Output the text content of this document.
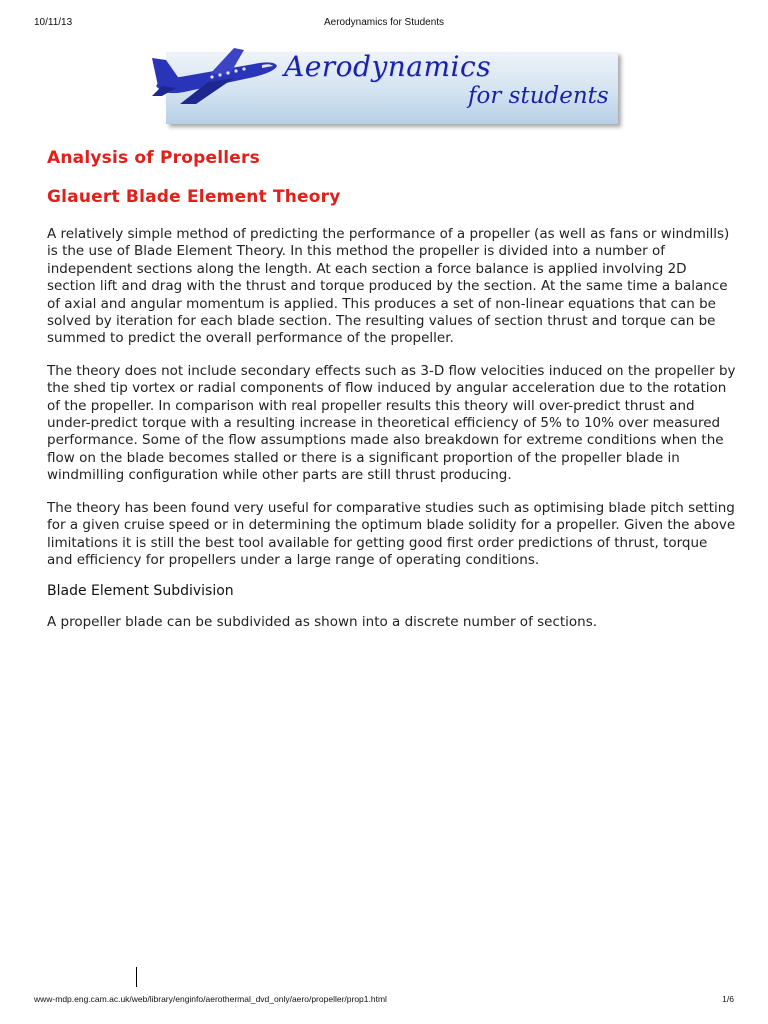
10/11/13	Aerodynamics for Students
Aerodynamics
for students
Analysis of Propellers
Glauert Blade Element Theory

A relatively simple method of predicting the performance of a propeller (as well as fans or windmills) is the use of Blade Element Theory. In this method the propeller is divided into a number of independent sections along the length. At each section a force balance is applied involving 2D section lift and drag with the thrust and torque produced by the section. At the same time a balance of axial and angular momentum is applied. This produces a set of non-linear equations that can be solved by iteration for each blade section. The resulting values of section thrust and torque can be summed to predict the overall performance of the propeller.

The theory does not include secondary effects such as 3-D flow velocities induced on the propeller by the shed tip vortex or radial components of flow induced by angular acceleration due to the rotation of the propeller. In comparison with real propeller results this theory will over-predict thrust and under-predict torque with a resulting increase in theoretical efficiency of 5% to 10% over measured performance. Some of the flow assumptions made also breakdown for extreme conditions when the flow on the blade becomes stalled or there is a significant proportion of the propeller blade in windmilling configuration while other parts are still thrust producing.

The theory has been found very useful for comparative studies such as optimising blade pitch setting for a given cruise speed or in determining the optimum blade solidity for a propeller. Given the above limitations it is still the best tool available for getting good first order predictions of thrust, torque and efficiency for propellers under a large range of operating conditions.

Blade Element Subdivision

A propeller blade can be subdivided as shown into a discrete number of sections.

www-mdp.eng.cam.ac.uk/web/library/enginfo/aerothermal_dvd_only/aero/propeller/prop1.html	1/6
